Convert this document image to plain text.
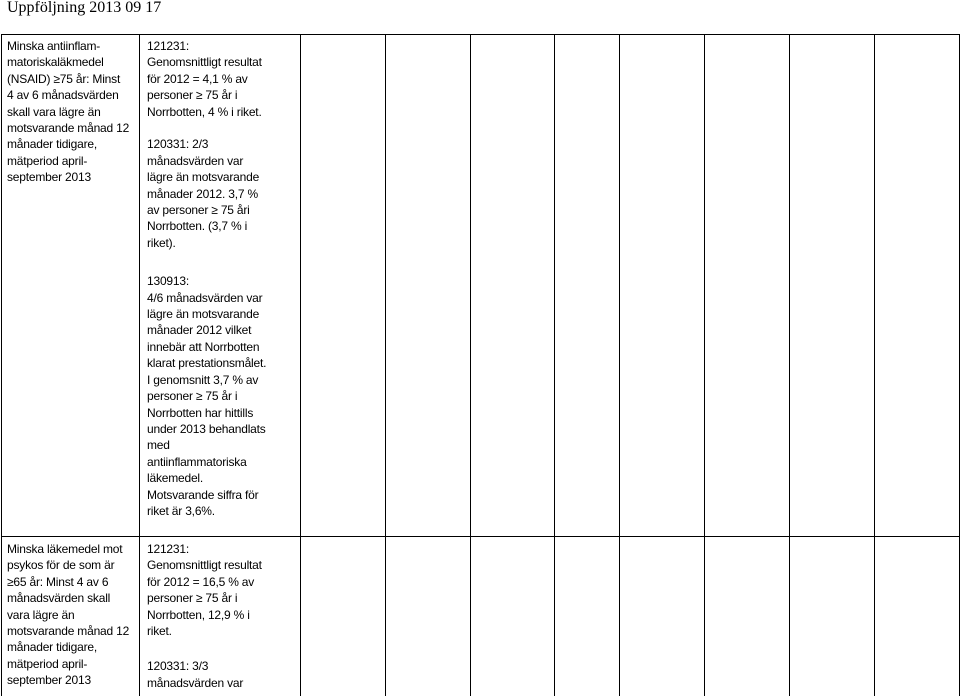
Uppföljning 2013 09 17
Minska antiinflam-
matoriskaläkmedel
(NSAID) ≥75 år: Minst
4 av 6 månadsvärden
skall vara lägre än
motsvarande månad 12
månader tidigare,
mätperiod april-
september 2013
121231:
Genomsnittligt resultat
för 2012 = 4,1 % av
personer ≥ 75 år i
Norrbotten, 4 % i riket.
120331: 2/3
månadsvärden var
lägre än motsvarande
månader 2012. 3,7 %
av personer ≥ 75 åri
Norrbotten. (3,7 % i
riket).
130913:
4/6 månadsvärden var
lägre än motsvarande
månader 2012 vilket
innebär att Norrbotten
klarat prestationsmålet.
I genomsnitt 3,7 % av
personer ≥ 75 år i
Norrbotten har hittills
under 2013 behandlats
med
antiinflammatoriska
läkemedel.
Motsvarande siffra för
riket är 3,6%.
Minska läkemedel mot
psykos för de som är
≥65 år: Minst 4 av 6
månadsvärden skall
vara lägre än
motsvarande månad 12
månader tidigare,
mätperiod april-
september 2013
121231:
Genomsnittligt resultat
för 2012 = 16,5 % av
personer ≥ 75 år i
Norrbotten, 12,9 % i
riket.
120331: 3/3
månadsvärden var
